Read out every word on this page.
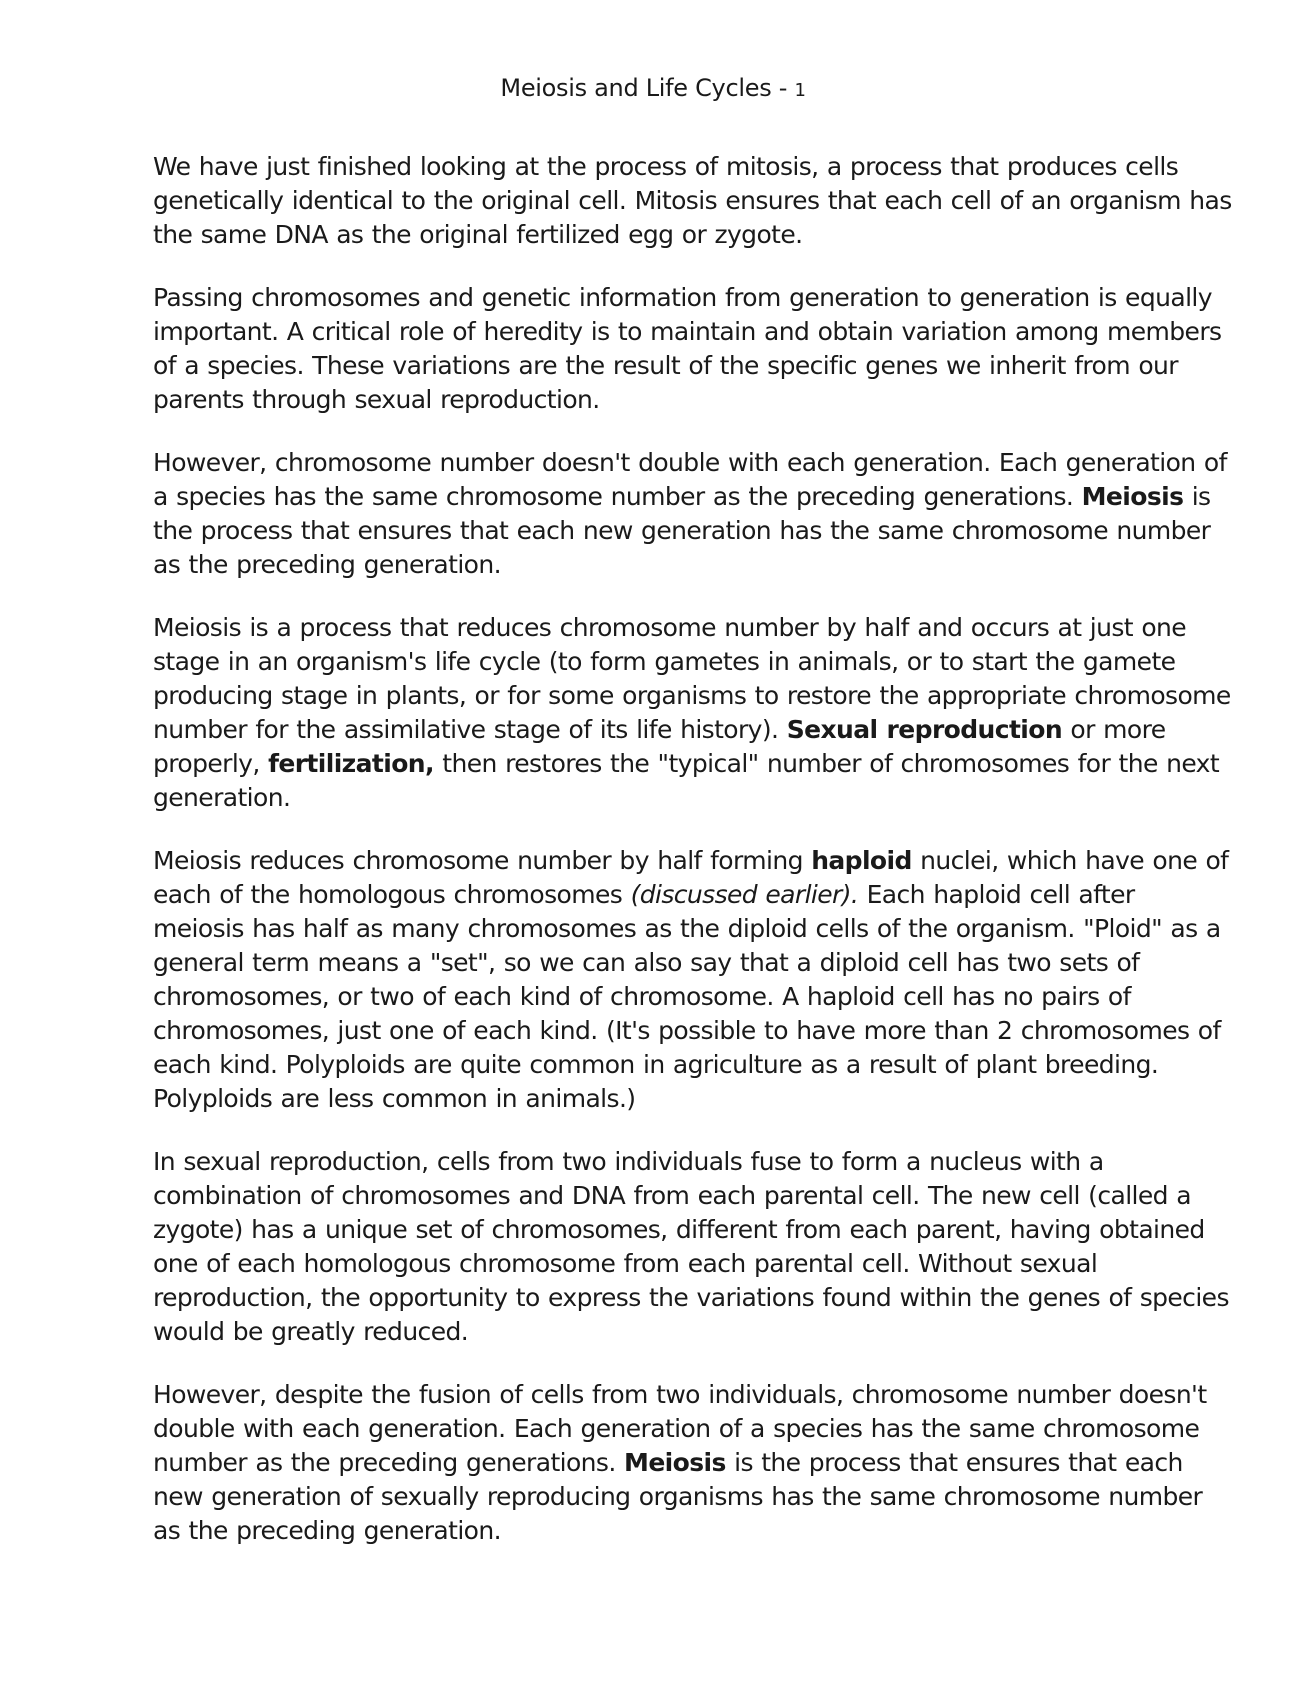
Meiosis and Life Cycles - 1

We have just finished looking at the process of mitosis, a process that produces cells genetically identical to the original cell. Mitosis ensures that each cell of an organism has the same DNA as the original fertilized egg or zygote.

Passing chromosomes and genetic information from generation to generation is equally important. A critical role of heredity is to maintain and obtain variation among members of a species. These variations are the result of the specific genes we inherit from our parents through sexual reproduction.

However, chromosome number doesn't double with each generation. Each generation of a species has the same chromosome number as the preceding generations. Meiosis is the process that ensures that each new generation has the same chromosome number as the preceding generation.

Meiosis is a process that reduces chromosome number by half and occurs at just one stage in an organism's life cycle (to form gametes in animals, or to start the gamete producing stage in plants, or for some organisms to restore the appropriate chromosome number for the assimilative stage of its life history). Sexual reproduction or more properly, fertilization, then restores the "typical" number of chromosomes for the next generation.

Meiosis reduces chromosome number by half forming haploid nuclei, which have one of each of the homologous chromosomes (discussed earlier). Each haploid cell after meiosis has half as many chromosomes as the diploid cells of the organism. "Ploid" as a general term means a "set", so we can also say that a diploid cell has two sets of chromosomes, or two of each kind of chromosome. A haploid cell has no pairs of chromosomes, just one of each kind. (It's possible to have more than 2 chromosomes of each kind. Polyploids are quite common in agriculture as a result of plant breeding. Polyploids are less common in animals.)

In sexual reproduction, cells from two individuals fuse to form a nucleus with a combination of chromosomes and DNA from each parental cell. The new cell (called a zygote) has a unique set of chromosomes, different from each parent, having obtained one of each homologous chromosome from each parental cell. Without sexual reproduction, the opportunity to express the variations found within the genes of species would be greatly reduced.

However, despite the fusion of cells from two individuals, chromosome number doesn't double with each generation. Each generation of a species has the same chromosome number as the preceding generations. Meiosis is the process that ensures that each new generation of sexually reproducing organisms has the same chromosome number as the preceding generation.
